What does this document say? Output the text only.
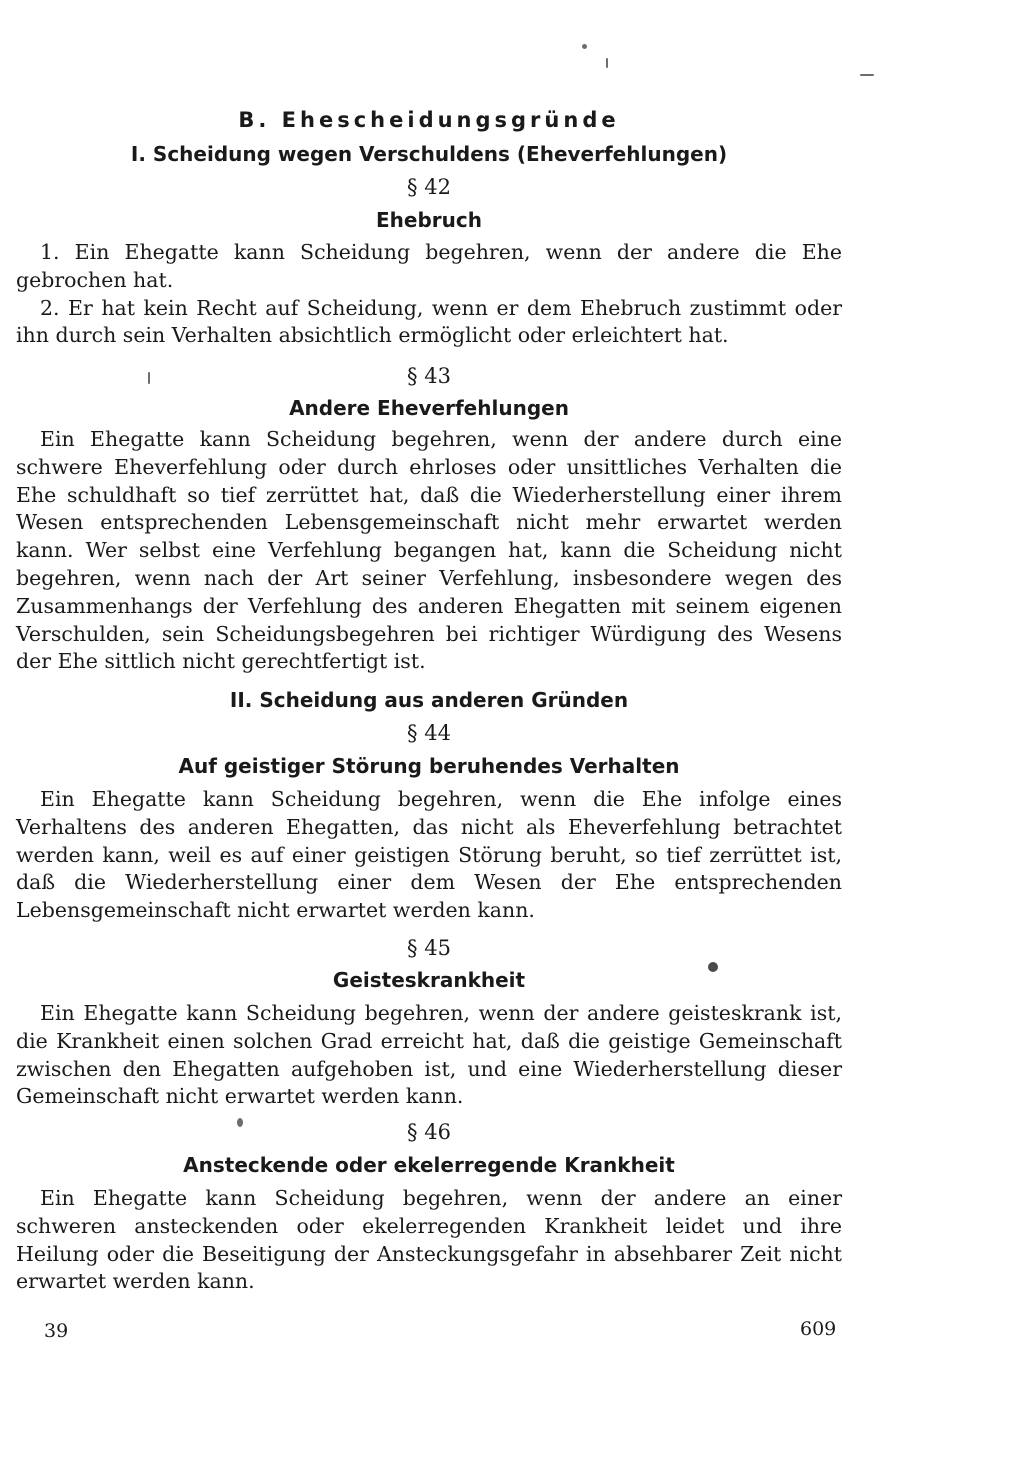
B. Ehescheidungsgründe
I. Scheidung wegen Verschuldens (Eheverfehlungen)
§ 42
Ehebruch

1. Ein Ehegatte kann Scheidung begehren, wenn der andere die Ehe gebrochen hat.

2. Er hat kein Recht auf Scheidung, wenn er dem Ehebruch zustimmt oder ihn durch sein Verhalten absichtlich ermöglicht oder erleichtert hat.

§ 43
Andere Eheverfehlungen

Ein Ehegatte kann Scheidung begehren, wenn der andere durch eine schwere Eheverfehlung oder durch ehrloses oder unsittliches Verhalten die Ehe schuldhaft so tief zerrüttet hat, daß die Wiederherstellung einer ihrem Wesen entsprechenden Lebensgemeinschaft nicht mehr erwartet werden kann. Wer selbst eine Verfehlung begangen hat, kann die Scheidung nicht begehren, wenn nach der Art seiner Verfehlung, insbesondere wegen des Zusammenhangs der Verfehlung des anderen Ehegatten mit seinem eigenen Verschulden, sein Scheidungsbegehren bei richtiger Würdigung des Wesens der Ehe sittlich nicht gerechtfertigt ist.

II. Scheidung aus anderen Gründen
§ 44
Auf geistiger Störung beruhendes Verhalten

Ein Ehegatte kann Scheidung begehren, wenn die Ehe infolge eines Verhaltens des anderen Ehegatten, das nicht als Eheverfehlung betrachtet werden kann, weil es auf einer geistigen Störung beruht, so tief zerrüttet ist, daß die Wiederherstellung einer dem Wesen der Ehe entsprechenden Lebensgemeinschaft nicht erwartet werden kann.

§ 45
Geisteskrankheit

Ein Ehegatte kann Scheidung begehren, wenn der andere geisteskrank ist, die Krankheit einen solchen Grad erreicht hat, daß die geistige Gemeinschaft zwischen den Ehegatten aufgehoben ist, und eine Wiederherstellung dieser Gemeinschaft nicht erwartet werden kann.

§ 46
Ansteckende oder ekelerregende Krankheit

Ein Ehegatte kann Scheidung begehren, wenn der andere an einer schweren ansteckenden oder ekelerregenden Krankheit leidet und ihre Heilung oder die Beseitigung der Ansteckungsgefahr in absehbarer Zeit nicht erwartet werden kann.

39	609
